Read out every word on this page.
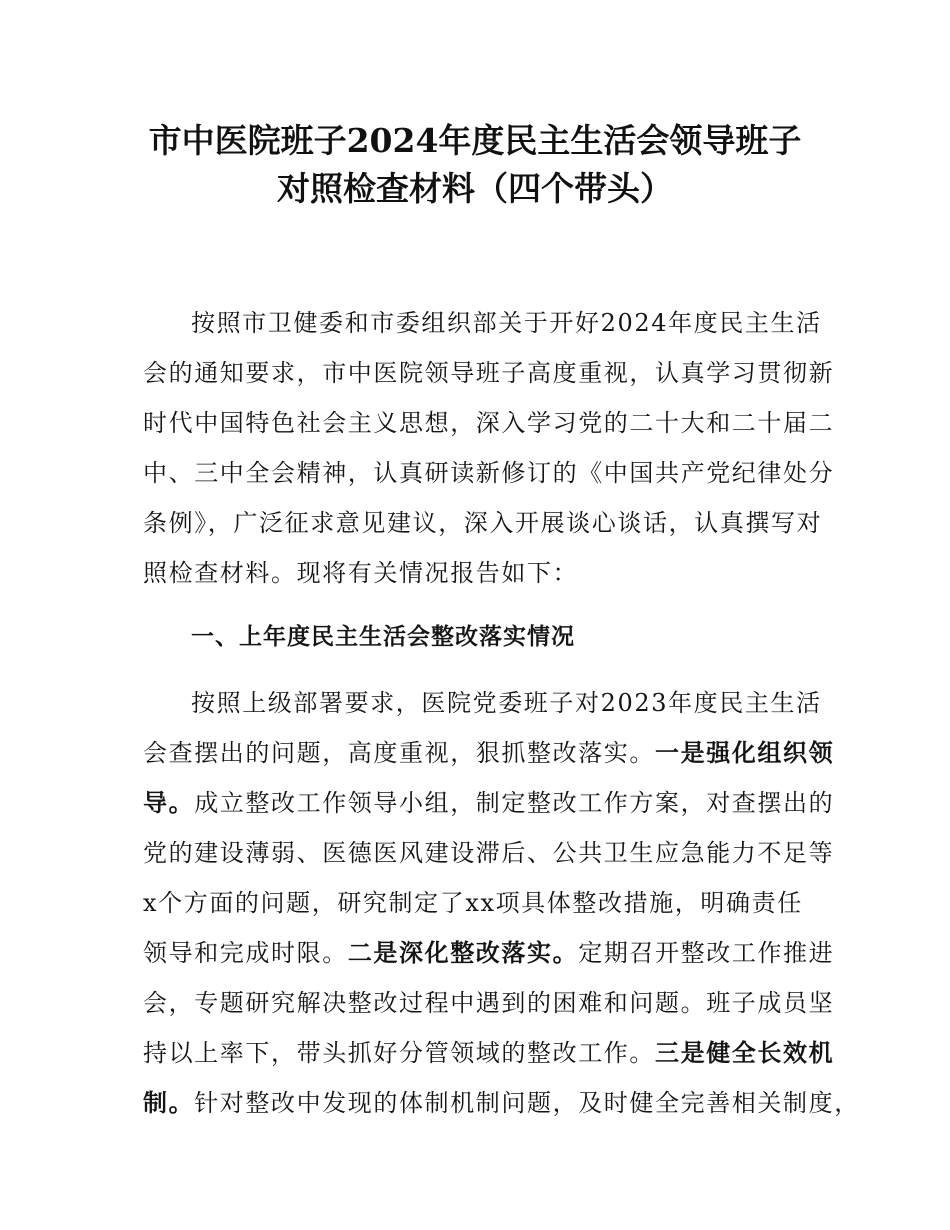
市中医院班子2024年度民主生活会领导班子
对照检查材料（四个带头）
按照市卫健委和市委组织部关于开好2024年度民主生活
会的通知要求，市中医院领导班子高度重视，认真学习贯彻新
时代中国特色社会主义思想，深入学习党的二十大和二十届二
中、三中全会精神，认真研读新修订的《中国共产党纪律处分
条例》，广泛征求意见建议，深入开展谈心谈话，认真撰写对
照检查材料。现将有关情况报告如下：
一、上年度民主生活会整改落实情况
按照上级部署要求，医院党委班子对2023年度民主生活
会查摆出的问题，高度重视，狠抓整改落实。一是强化组织领
导。成立整改工作领导小组，制定整改工作方案，对查摆出的
党的建设薄弱、医德医风建设滞后、公共卫生应急能力不足等
x个方面的问题，研究制定了xx项具体整改措施，明确责任
领导和完成时限。二是深化整改落实。定期召开整改工作推进
会，专题研究解决整改过程中遇到的困难和问题。班子成员坚
持以上率下，带头抓好分管领域的整改工作。三是健全长效机
制。针对整改中发现的体制机制问题，及时健全完善相关制度，
